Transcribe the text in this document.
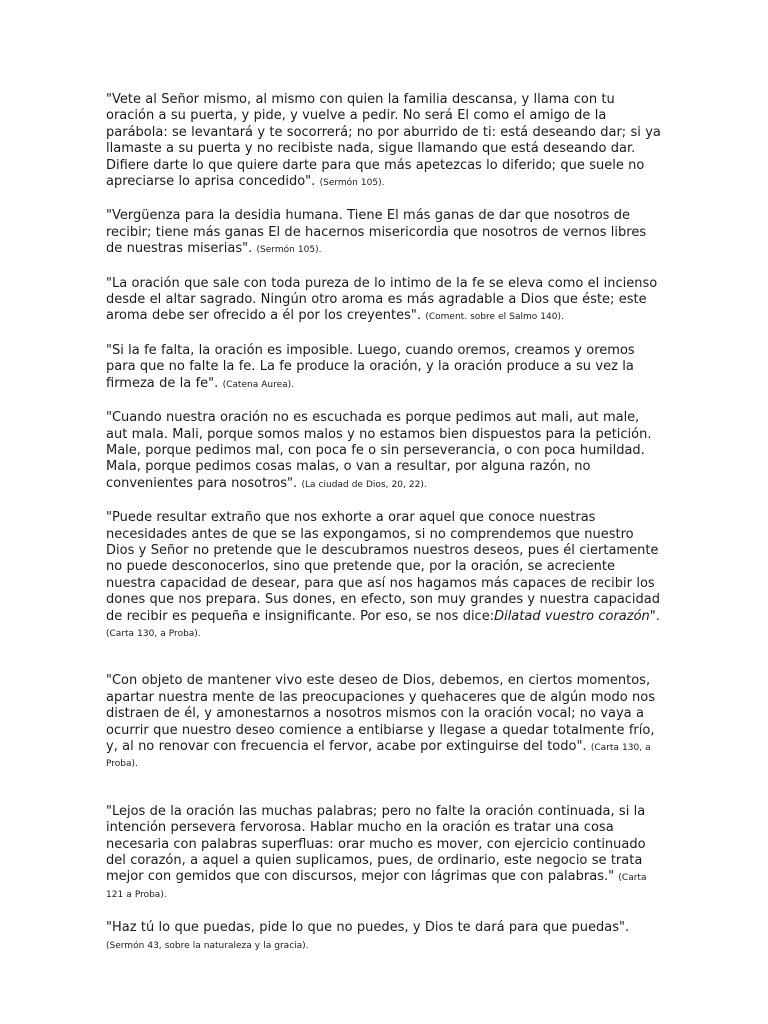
"Vete al Señor mismo, al mismo con quien la familia descansa, y llama con tu oración a su puerta, y pide, y vuelve a pedir. No será El como el amigo de la parábola: se levantará y te socorrerá; no por aburrido de ti: está deseando dar; si ya llamaste a su puerta y no recibiste nada, sigue llamando que está deseando dar. Difiere darte lo que quiere darte para que más apetezcas lo diferido; que suele no apreciarse lo aprisa concedido". (Sermón 105).

"Vergüenza para la desidia humana. Tiene El más ganas de dar que nosotros de recibir; tiene más ganas El de hacernos misericordia que nosotros de vernos libres de nuestras miserias". (Sermón 105).

"La oración que sale con toda pureza de lo intimo de la fe se eleva como el incienso desde el altar sagrado. Ningún otro aroma es más agradable a Dios que éste; este aroma debe ser ofrecido a él por los creyentes". (Coment. sobre el Salmo 140).

"Si la fe falta, la oración es imposible. Luego, cuando oremos, creamos y oremos para que no falte la fe. La fe produce la oración, y la oración produce a su vez la firmeza de la fe". (Catena Aurea).

"Cuando nuestra oración no es escuchada es porque pedimos aut mali, aut male, aut mala. Mali, porque somos malos y no estamos bien dispuestos para la petición. Male, porque pedimos mal, con poca fe o sin perseverancia, o con poca humildad. Mala, porque pedimos cosas malas, o van a resultar, por alguna razón, no convenientes para nosotros". (La ciudad de Dios, 20, 22).

"Puede resultar extraño que nos exhorte a orar aquel que conoce nuestras necesidades antes de que se las expongamos, si no comprendemos que nuestro Dios y Señor no pretende que le descubramos nuestros deseos, pues él ciertamente no puede desconocerlos, sino que pretende que, por la oración, se acreciente nuestra capacidad de desear, para que así nos hagamos más capaces de recibir los dones que nos prepara. Sus dones, en efecto, son muy grandes y nuestra capacidad de recibir es pequeña e insignificante. Por eso, se nos dice:Dilatad vuestro corazón". (Carta 130, a Proba).

"Con objeto de mantener vivo este deseo de Dios, debemos, en ciertos momentos, apartar nuestra mente de las preocupaciones y quehaceres que de algún modo nos distraen de él, y amonestarnos a nosotros mismos con la oración vocal; no vaya a ocurrir que nuestro deseo comience a entibiarse y llegase a quedar totalmente frío, y, al no renovar con frecuencia el fervor, acabe por extinguirse del todo". (Carta 130, a Proba).

"Lejos de la oración las muchas palabras; pero no falte la oración continuada, si la intención persevera fervorosa. Hablar mucho en la oración es tratar una cosa necesaria con palabras superfluas: orar mucho es mover, con ejercicio continuado del corazón, a aquel a quien suplicamos, pues, de ordinario, este negocio se trata mejor con gemidos que con discursos, mejor con lágrimas que con palabras." (Carta 121 a Proba).

"Haz tú lo que puedas, pide lo que no puedes, y Dios te dará para que puedas". (Sermón 43, sobre la naturaleza y la gracia).
